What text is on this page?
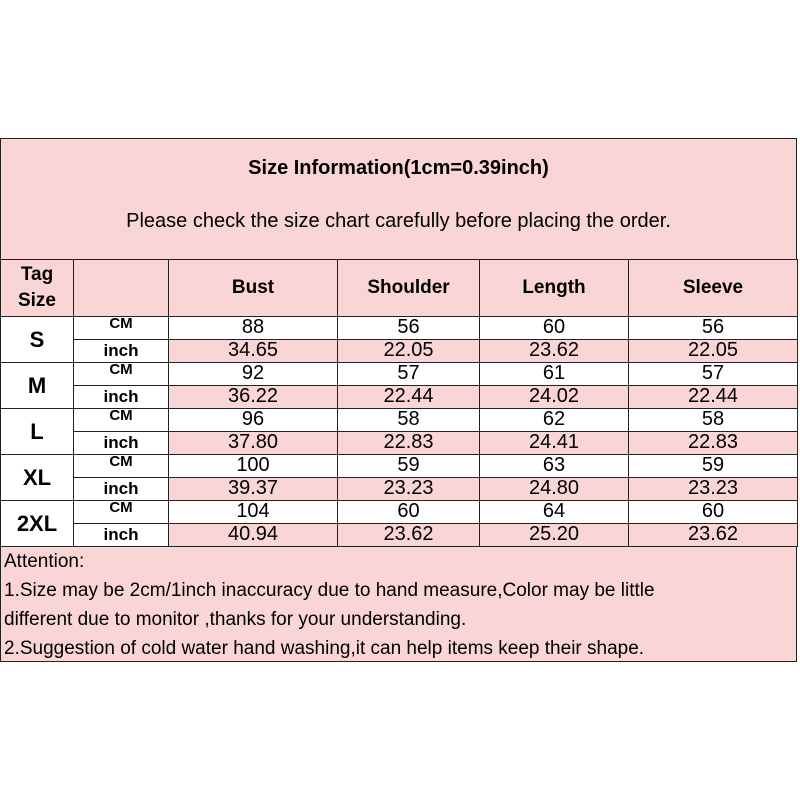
Size Information(1cm=0.39inch)
Please check the size chart carefully before placing the order.
Tag
Size		Bust	Shoulder	Length	Sleeve
S	CM	88	56	60	56
	inch	34.65	22.05	23.62	22.05
M	CM	92	57	61	57
	inch	36.22	22.44	24.02	22.44
L	CM	96	58	62	58
	inch	37.80	22.83	24.41	22.83
XL	CM	100	59	63	59
	inch	39.37	23.23	24.80	23.23
2XL	CM	104	60	64	60
	inch	40.94	23.62	25.20	23.62
Attention:
1.Size may be 2cm/1inch inaccuracy due to hand measure,Color may be little
different due to monitor ,thanks for your understanding.
2.Suggestion of cold water hand washing,it can help items keep their shape.
